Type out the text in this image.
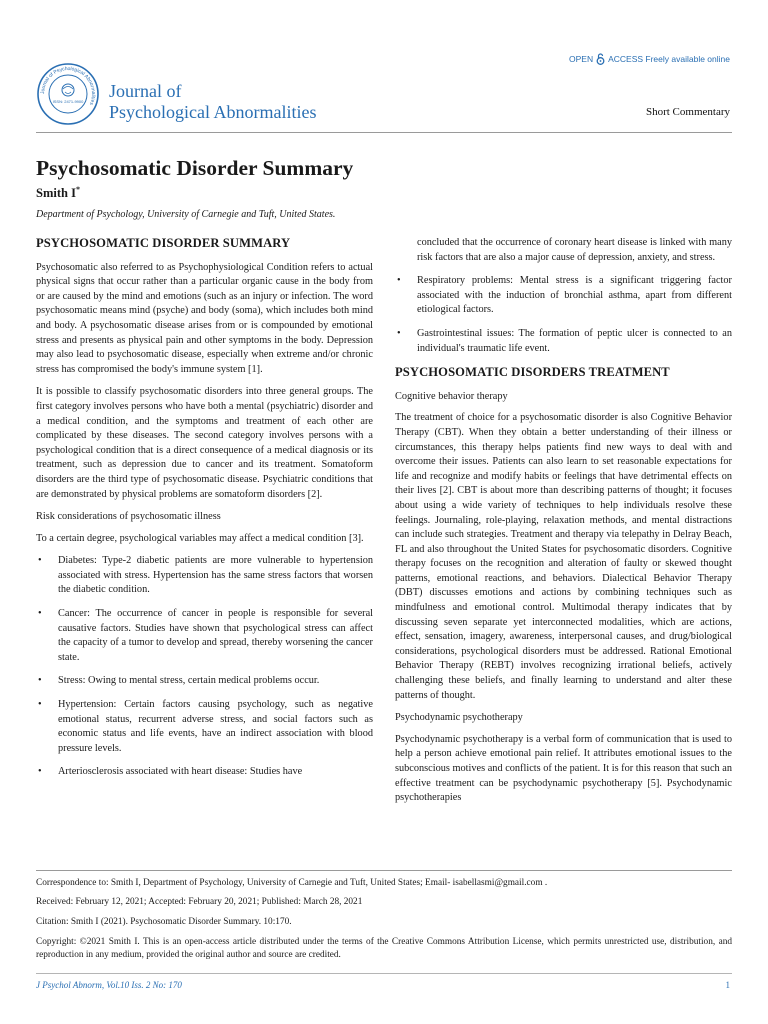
OPEN ACCESS Freely available online
Journal of Psychological Abnormalities
ISSN: 2471-9900
Journal of
Psychological Abnormalities	Short Commentary
Psychosomatic Disorder Summary
Smith I*
Department of Psychology, University of Carnegie and Tuft, United States.
PSYCHOSOMATIC DISORDER SUMMARY

Psychosomatic also referred to as Psychophysiological Condition refers to actual physical signs that occur rather than a particular organic cause in the body from or are caused by the mind and emotions (such as an injury or infection. The word psychosomatic means mind (psyche) and body (soma), which includes both mind and body. A psychosomatic disease arises from or is compounded by emotional stress and presents as physical pain and other symptoms in the body. Depression may also lead to psychosomatic disease, especially when extreme and/or chronic stress has compromised the body's immune system [1].

It is possible to classify psychosomatic disorders into three general groups. The first category involves persons who have both a mental (psychiatric) disorder and a medical condition, and the symptoms and treatment of each other are complicated by these diseases. The second category involves persons with a psychological condition that is a direct consequence of a medical diagnosis or its treatment, such as depression due to cancer and its treatment. Somatoform disorders are the third type of psychosomatic disease. Psychiatric conditions that are demonstrated by physical problems are somatoform disorders [2].

Risk considerations of psychosomatic illness

To a certain degree, psychological variables may affect a medical condition [3].

• Diabetes: Type-2 diabetic patients are more vulnerable to hypertension associated with stress. Hypertension has the same stress factors that worsen the diabetic condition.
• Cancer: The occurrence of cancer in people is responsible for several causative factors. Studies have shown that psychological stress can affect the capacity of a tumor to develop and spread, thereby worsening the cancer state.
• Stress: Owing to mental stress, certain medical problems occur.
• Hypertension: Certain factors causing psychology, such as negative emotional status, recurrent adverse stress, and social factors such as economic status and life events, have an indirect association with blood pressure levels.
• Arteriosclerosis associated with heart disease: Studies have
concluded that the occurrence of coronary heart disease is linked with many risk factors that are also a major cause of depression, anxiety, and stress.
• Respiratory problems: Mental stress is a significant triggering factor associated with the induction of bronchial asthma, apart from different etiological factors.
• Gastrointestinal issues: The formation of peptic ulcer is connected to an individual's traumatic life event.
PSYCHOSOMATIC DISORDERS TREATMENT

Cognitive behavior therapy

The treatment of choice for a psychosomatic disorder is also Cognitive Behavior Therapy (CBT). When they obtain a better understanding of their illness or circumstances, this therapy helps patients find new ways to deal with and overcome their issues. Patients can also learn to set reasonable expectations for life and recognize and modify habits or feelings that have detrimental effects on their lives [2]. CBT is about more than describing patterns of thought; it focuses about using a wide variety of techniques to help individuals resolve these feelings. Journaling, role-playing, relaxation methods, and mental distractions can include such strategies. Treatment and therapy via telepathy in Delray Beach, FL and also throughout the United States for psychosomatic disorders. Cognitive therapy focuses on the recognition and alteration of faulty or skewed thought patterns, emotional reactions, and behaviors. Dialectical Behavior Therapy (DBT) discusses emotions and actions by combining techniques such as mindfulness and emotional control. Multimodal therapy indicates that by discussing seven separate yet interconnected modalities, which are actions, effect, sensation, imagery, awareness, interpersonal causes, and drug/biological considerations, psychological disorders must be addressed. Rational Emotional Behavior Therapy (REBT) involves recognizing irrational beliefs, actively challenging these beliefs, and finally learning to understand and alter these patterns of thought.

Psychodynamic psychotherapy

Psychodynamic psychotherapy is a verbal form of communication that is used to help a person achieve emotional pain relief. It attributes emotional issues to the subconscious motives and conflicts of the patient. It is for this reason that such an effective treatment can be psychodynamic psychotherapy [5]. Psychodynamic psychotherapies

Correspondence to: Smith I, Department of Psychology, University of Carnegie and Tuft, United States; Email- isabellasmi@gmail.com .
Received: February 12, 2021; Accepted: February 20, 2021; Published: March 28, 2021
Citation: Smith I (2021). Psychosomatic Disorder Summary. 10:170.
Copyright: ©2021 Smith I. This is an open-access article distributed under the terms of the Creative Commons Attribution License, which permits unrestricted use, distribution, and reproduction in any medium, provided the original author and source are credited.
J Psychol Abnorm, Vol.10 Iss. 2 No: 170	1
